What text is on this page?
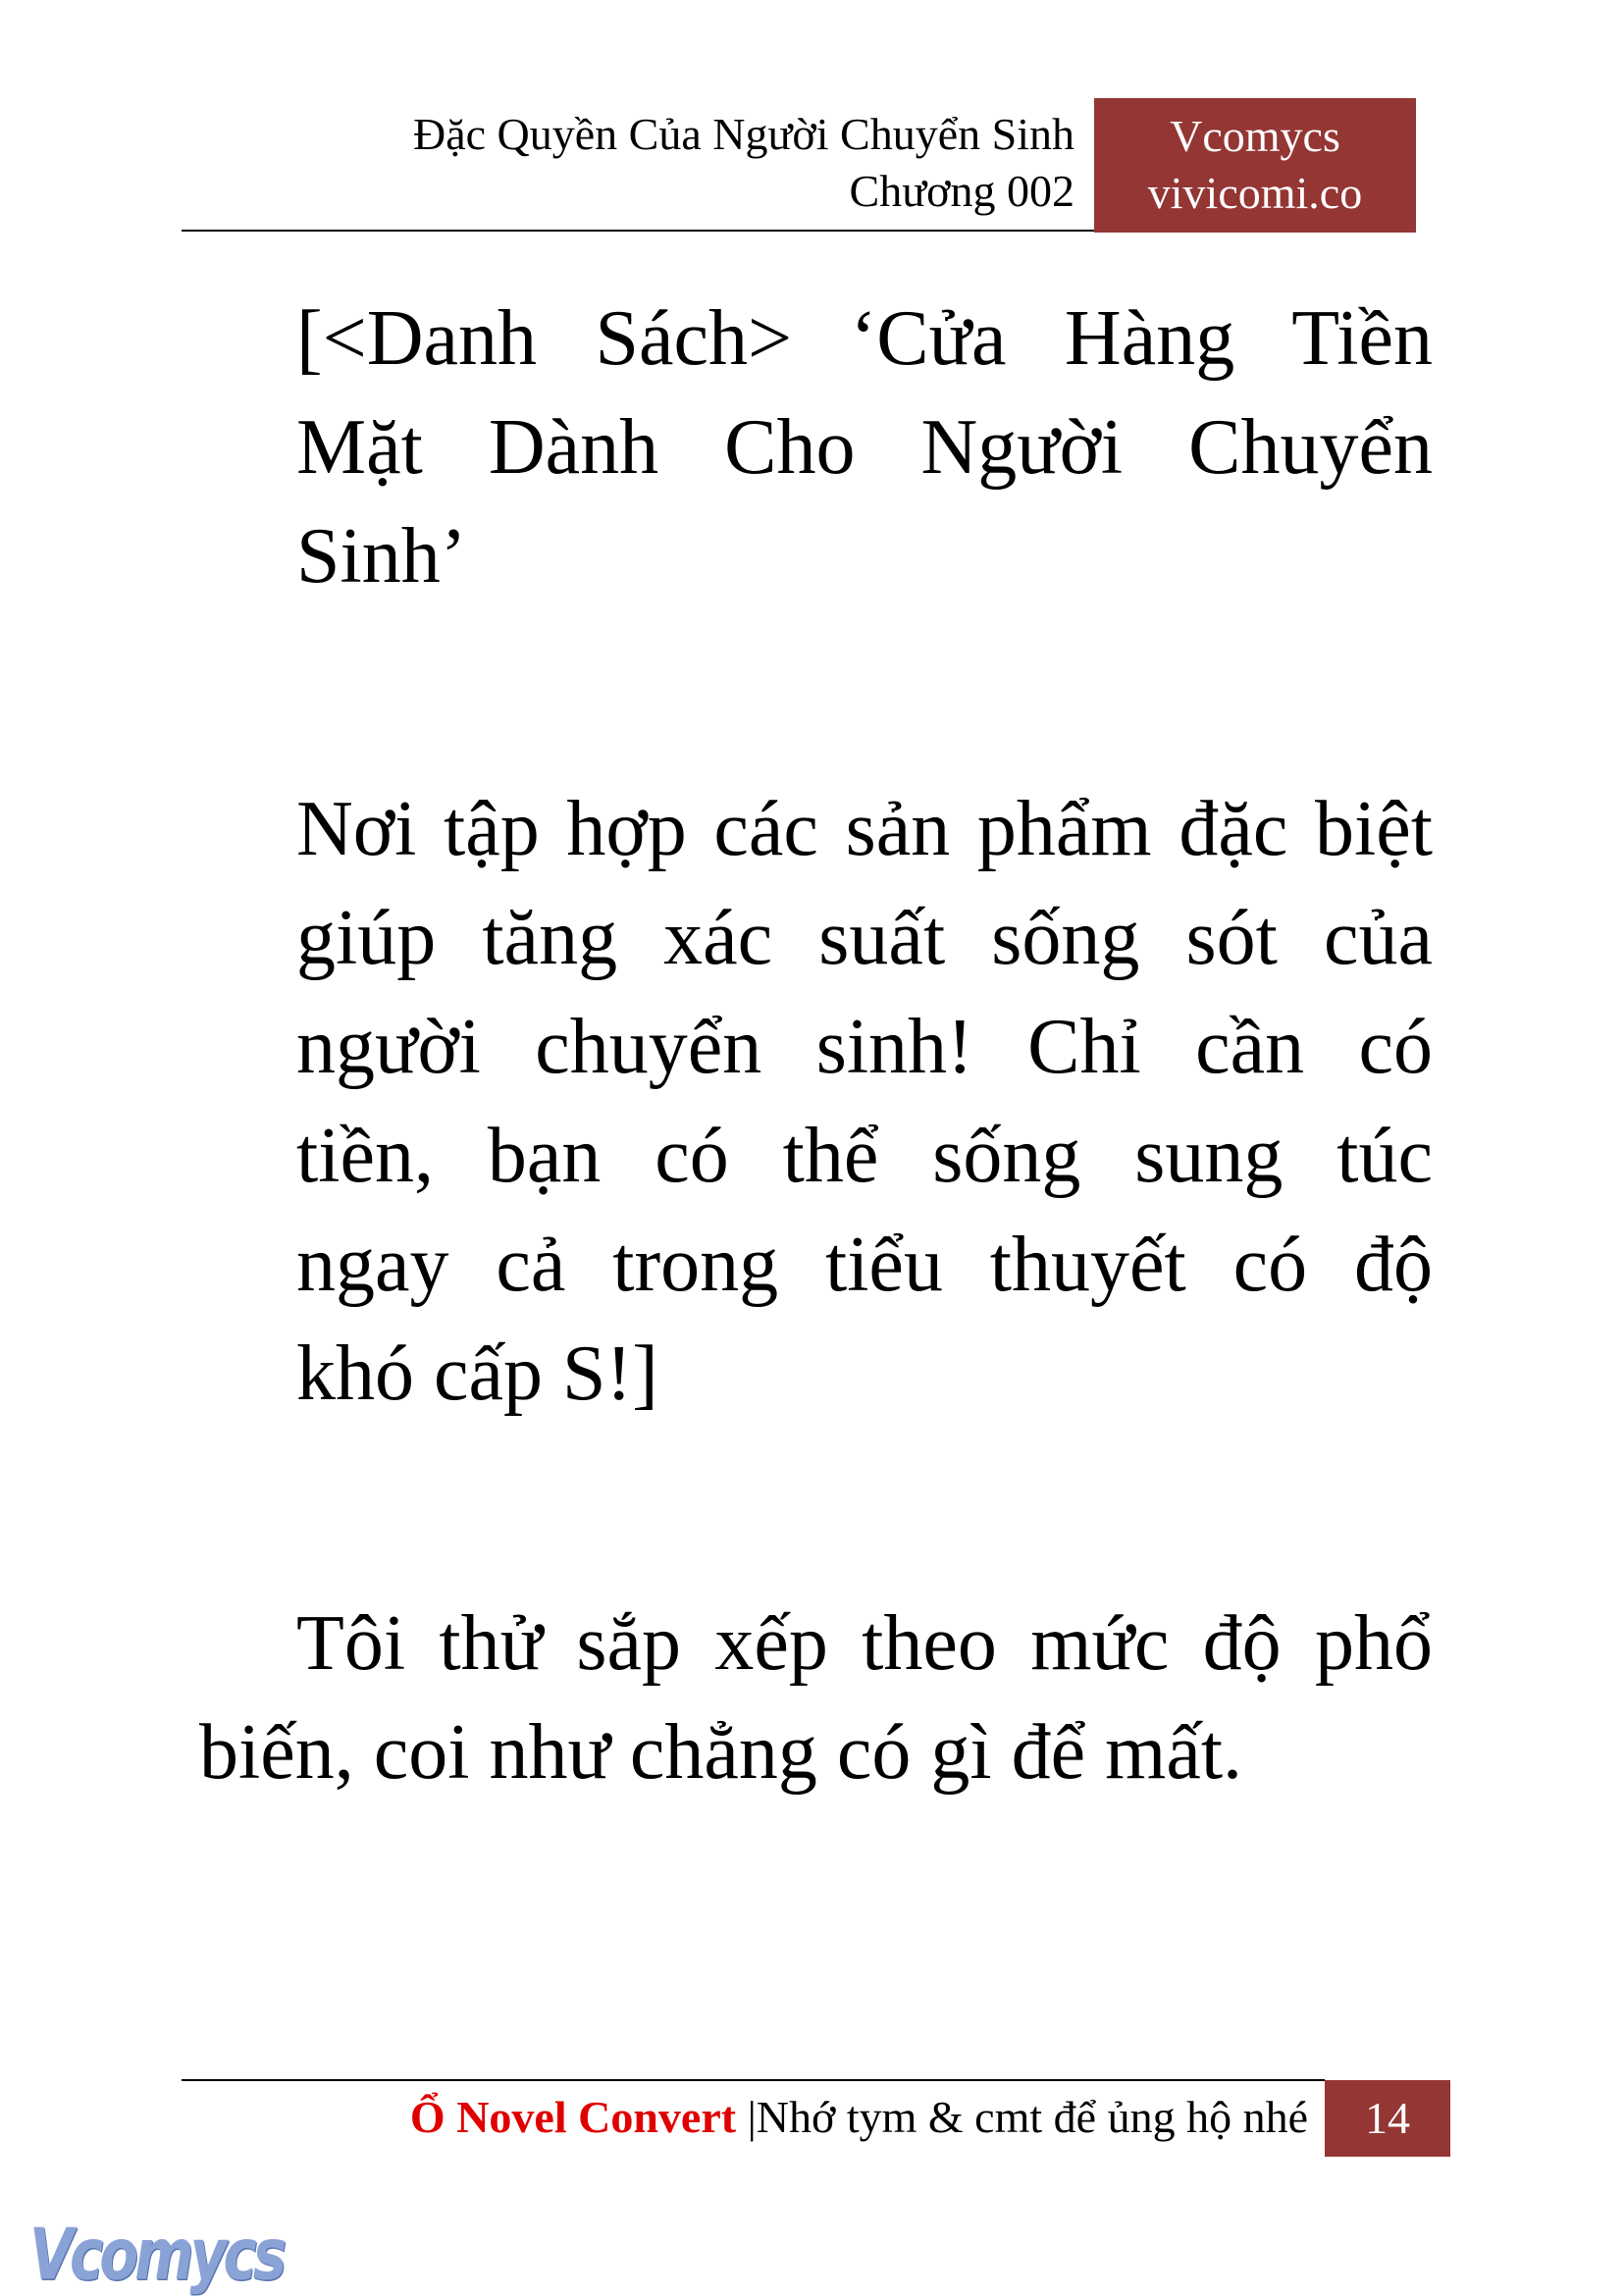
Đặc Quyền Của Người Chuyển Sinh
Chương 002
Vcomycs
vivicomi.co
[<Danh Sách> ‘Cửa Hàng Tiền
Mặt Dành Cho Người Chuyển
Sinh’
Nơi tập hợp các sản phẩm đặc biệt
giúp tăng xác suất sống sót của
người chuyển sinh! Chỉ cần có
tiền, bạn có thể sống sung túc
ngay cả trong tiểu thuyết có độ
khó cấp S!]
Tôi thử sắp xếp theo mức độ phổ
biến, coi như chẳng có gì để mất.
Ổ Novel Convert |Nhớ tym & cmt để ủng hộ nhé	14
Vcomycs
